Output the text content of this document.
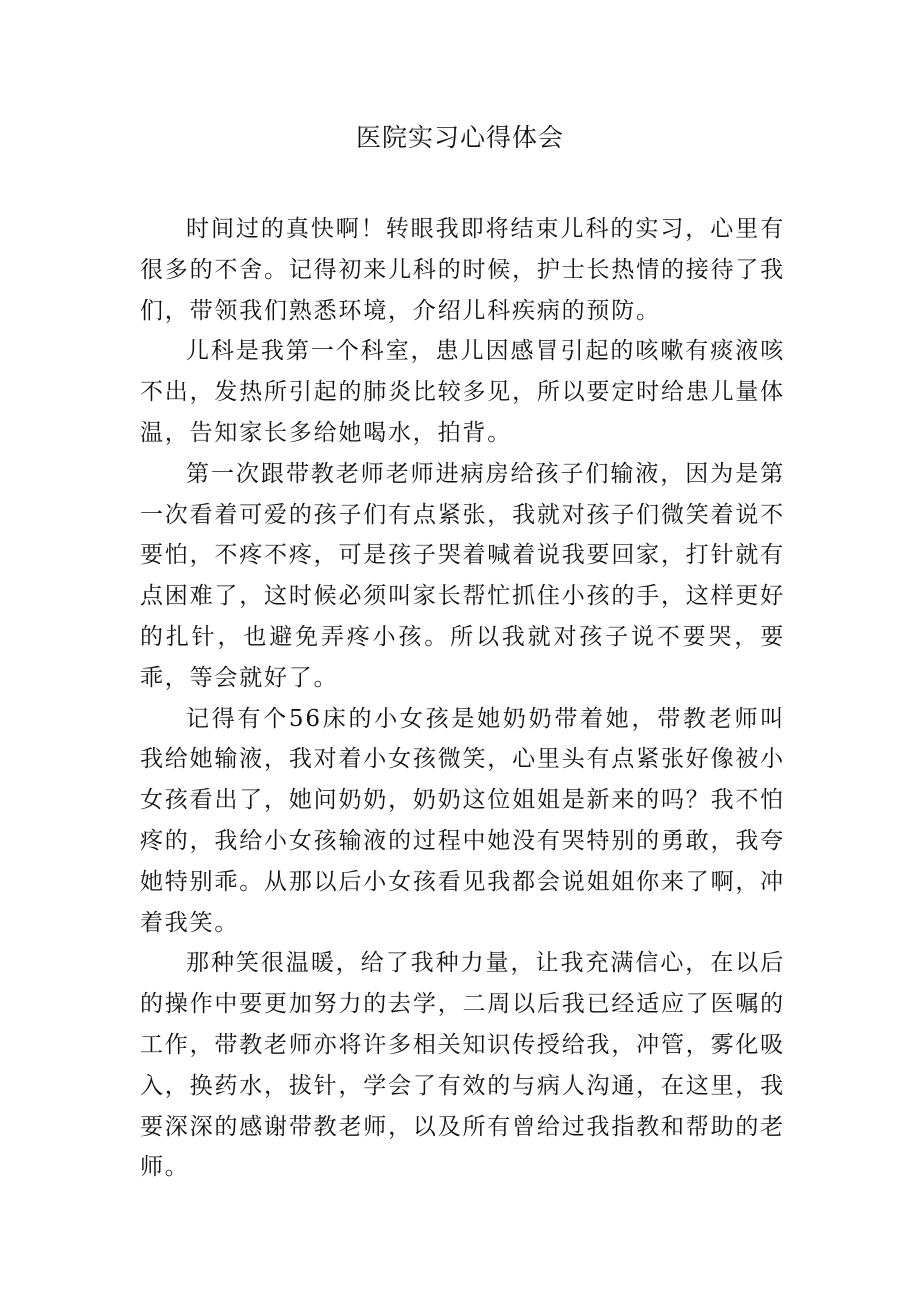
医院实习心得体会

时间过的真快啊！转眼我即将结束儿科的实习，心里有很多的不舍。记得初来儿科的时候，护士长热情的接待了我们，带领我们熟悉环境，介绍儿科疾病的预防。

儿科是我第一个科室，患儿因感冒引起的咳嗽有痰液咳不出，发热所引起的肺炎比较多见，所以要定时给患儿量体温，告知家长多给她喝水，拍背。

第一次跟带教老师老师进病房给孩子们输液，因为是第一次看着可爱的孩子们有点紧张，我就对孩子们微笑着说不要怕，不疼不疼，可是孩子哭着喊着说我要回家，打针就有点困难了，这时候必须叫家长帮忙抓住小孩的手，这样更好的扎针，也避免弄疼小孩。所以我就对孩子说不要哭，要乖，等会就好了。

记得有个56床的小女孩是她奶奶带着她，带教老师叫我给她输液，我对着小女孩微笑，心里头有点紧张好像被小女孩看出了，她问奶奶，奶奶这位姐姐是新来的吗？我不怕疼的，我给小女孩输液的过程中她没有哭特别的勇敢，我夸她特别乖。从那以后小女孩看见我都会说姐姐你来了啊，冲着我笑。

那种笑很温暖，给了我种力量，让我充满信心，在以后的操作中要更加努力的去学，二周以后我已经适应了医嘱的工作，带教老师亦将许多相关知识传授给我，冲管，雾化吸入，换药水，拔针，学会了有效的与病人沟通，在这里，我要深深的感谢带教老师，以及所有曾给过我指教和帮助的老师。
